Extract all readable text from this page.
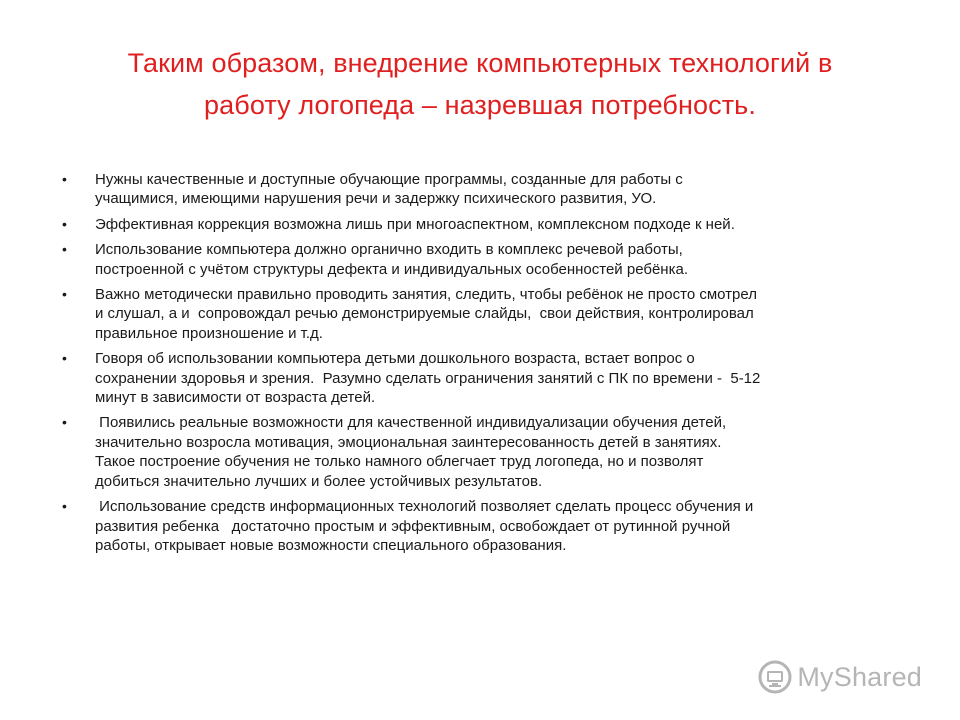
Таким образом, внедрение компьютерных технологий в
работу логопеда – назревшая потребность.
• Нужны качественные и доступные обучающие программы, созданные для работы с
учащимися, имеющими нарушения речи и задержку психического развития, УО.
• Эффективная коррекция возможна лишь при многоаспектном, комплексном подходе к ней.
• Использование компьютера должно органично входить в комплекс речевой работы,
построенной с учётом структуры дефекта и индивидуальных особенностей ребёнка.
• Важно методически правильно проводить занятия, следить, чтобы ребёнок не просто смотрел
и слушал, а и  сопровождал речью демонстрируемые слайды,  свои действия, контролировал
правильное произношение и т.д.
• Говоря об использовании компьютера детьми дошкольного возраста, встает вопрос о
сохранении здоровья и зрения.  Разумно сделать ограничения занятий с ПК по времени -  5-12
минут в зависимости от возраста детей.
• Появились реальные возможности для качественной индивидуализации обучения детей,
значительно возросла мотивация, эмоциональная заинтересованность детей в занятиях.
Такое построение обучения не только намного облегчает труд логопеда, но и позволят
добиться значительно лучших и более устойчивых результатов.
• Использование средств информационных технологий позволяет сделать процесс обучения и
развития ребенка   достаточно простым и эффективным, освобождает от рутинной ручной
работы, открывает новые возможности специального образования.
MyShared
